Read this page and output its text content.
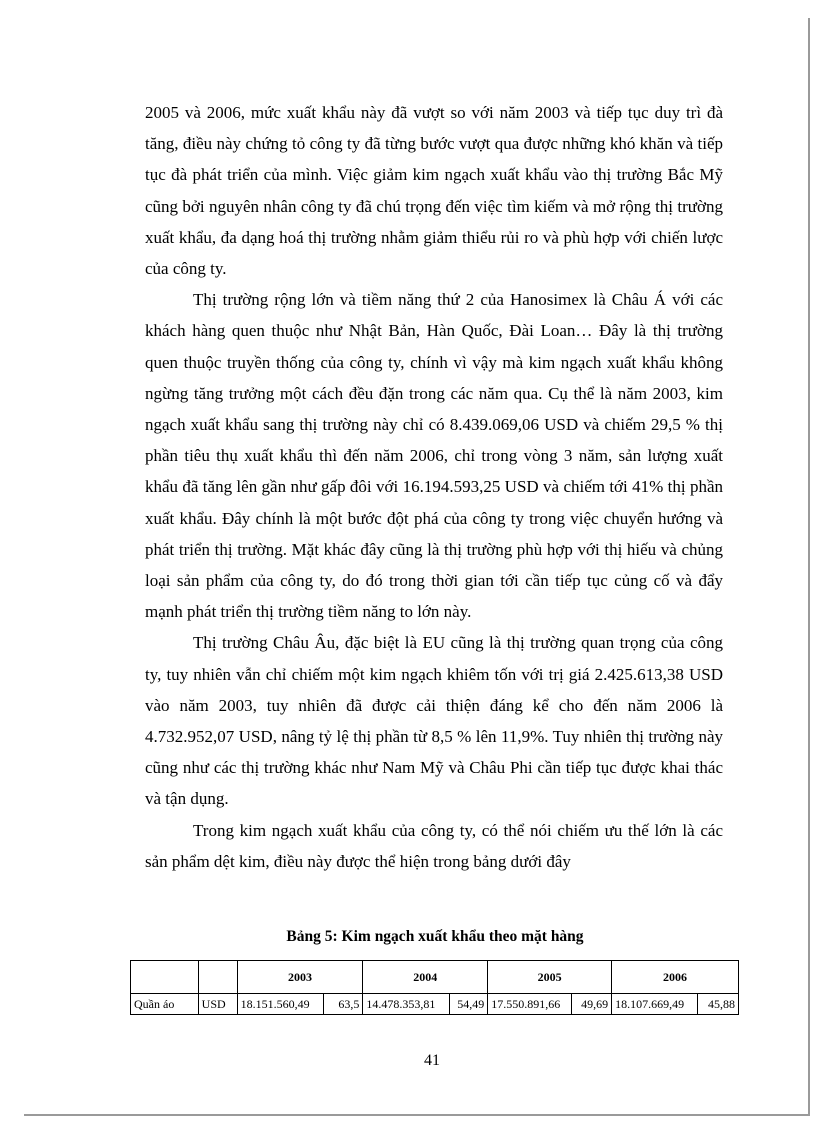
2005 và 2006, mức xuất khẩu này đã vượt so với năm 2003 và tiếp tục duy trì đà tăng, điều này chứng tỏ công ty đã từng bước vượt qua được những khó khăn và tiếp tục đà phát triển của mình. Việc giảm kim ngạch xuất khẩu vào thị trường Bắc Mỹ cũng bởi nguyên nhân công ty đã chú trọng đến việc tìm kiếm và mở rộng thị trường xuất khẩu, đa dạng hoá thị trường nhằm giảm thiểu rủi ro và phù hợp với chiến lược của công ty.

Thị trường rộng lớn và tiềm năng thứ 2 của Hanosimex là Châu Á với các khách hàng quen thuộc như Nhật Bản, Hàn Quốc, Đài Loan… Đây là thị trường quen thuộc truyền thống của công ty, chính vì vậy mà kim ngạch xuất khẩu không ngừng tăng trưởng một cách đều đặn trong các năm qua. Cụ thể là năm 2003, kim ngạch xuất khẩu sang thị trường này chỉ có 8.439.069,06 USD và chiếm 29,5 % thị phần tiêu thụ xuất khẩu thì đến năm 2006, chỉ trong vòng 3 năm, sản lượng xuất khẩu đã tăng lên gần như gấp đôi với 16.194.593,25 USD và chiếm tới 41% thị phần xuất khẩu. Đây chính là một bước đột phá của công ty trong việc chuyển hướng và phát triển thị trường. Mặt khác đây cũng là thị trường phù hợp với thị hiếu và chủng loại sản phẩm của công ty, do đó trong thời gian tới cần tiếp tục củng cố và đẩy mạnh phát triển thị trường tiềm năng to lớn này.

Thị trường Châu Âu, đặc biệt là EU cũng là thị trường quan trọng của công ty, tuy nhiên vẫn chỉ chiếm một kim ngạch khiêm tốn với trị giá 2.425.613,38 USD vào năm 2003, tuy nhiên đã được cải thiện đáng kể cho đến năm 2006 là 4.732.952,07 USD, nâng tỷ lệ thị phần từ 8,5 % lên 11,9%. Tuy nhiên thị trường này cũng như các thị trường khác như Nam Mỹ và Châu Phi cần tiếp tục được khai thác và tận dụng.

Trong kim ngạch xuất khẩu của công ty, có thể nói chiếm ưu thế lớn là các sản phẩm dệt kim, điều này được thể hiện trong bảng dưới đây

Bảng 5: Kim ngạch xuất khẩu theo mặt hàng
		2003		2004		2005		2006	
Quần áo	USD	18.151.560,49	63,5	14.478.353,81	54,49	17.550.891,66	49,69	18.107.669,49	45,88
41
